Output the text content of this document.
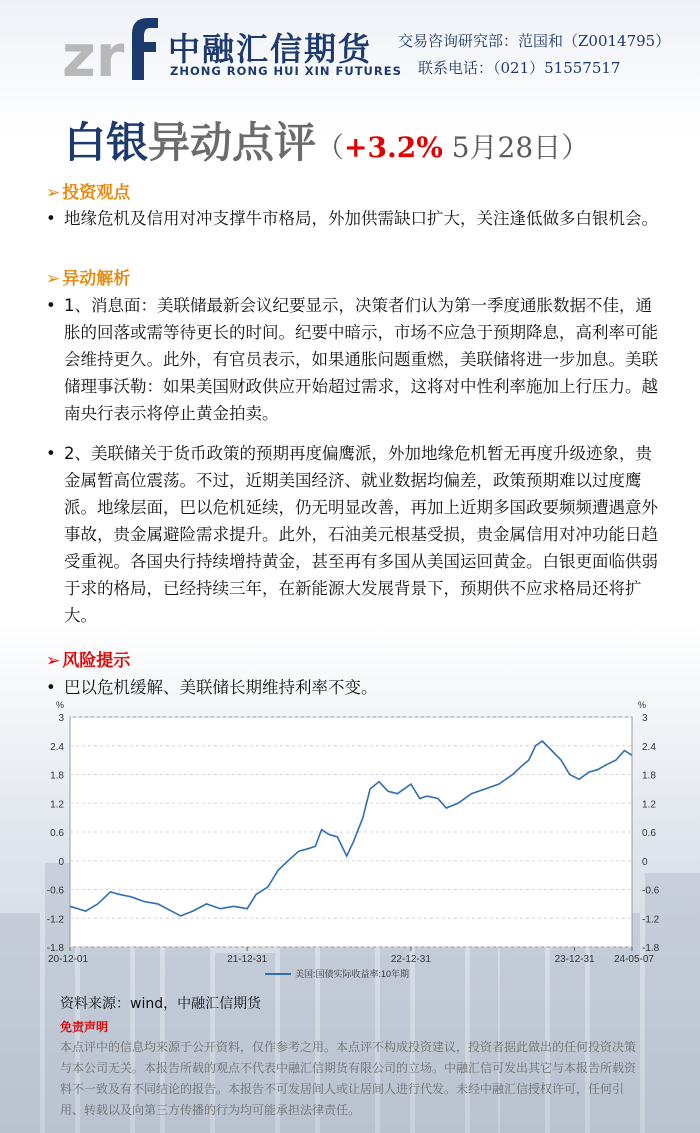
zr 中融汇信期货
ZHONG RONG HUI XIN FUTURES
交易咨询研究部：范国和（Z0014795）
联系电话：（021）51557517
白银异动点评（+3.2% 5月28日）
➢ 投资观点
• 地缘危机及信用对冲支撑牛市格局，外加供需缺口扩大，关注逢低做多白银机会。
➢ 异动解析
• 1、消息面：美联储最新会议纪要显示，决策者们认为第一季度通胀数据不佳，通胀的回落或需等待更长的时间。纪要中暗示，市场不应急于预期降息，高利率可能会维持更久。此外，有官员表示，如果通胀问题重燃，美联储将进一步加息。美联储理事沃勒：如果美国财政供应开始超过需求，这将对中性利率施加上行压力。越南央行表示将停止黄金拍卖。
• 2、美联储关于货币政策的预期再度偏鹰派，外加地缘危机暂无再度升级迹象，贵金属暂高位震荡。不过，近期美国经济、就业数据均偏差，政策预期难以过度鹰派。地缘层面，巴以危机延续，仍无明显改善，再加上近期多国政要频频遭遇意外事故，贵金属避险需求提升。此外，石油美元根基受损，贵金属信用对冲功能日趋受重视。各国央行持续增持黄金，甚至再有多国从美国运回黄金。白银更面临供弱于求的格局，已经持续三年，在新能源大发展背景下，预期供不应求格局还将扩大。
➢ 风险提示
• 巴以危机缓解、美联储长期维持利率不变。
3	3
2.4	2.4
1.8	1.8
1.2	1.2
0.6	0.6
0	0
-0.6	-0.6
-1.2	-1.2
-1.8	-1.8
%	%
20-12-01	21-12-31	22-12-31	23-12-31 24-05-07
美国:国债实际收益率:10年期
资料来源：wind，中融汇信期货
免责声明
本点评中的信息均来源于公开资料，仅作参考之用。本点评不构成投资建议，投资者据此做出的任何投资决策与本公司无关。本报告所载的观点不代表中融汇信期货有限公司的立场。中融汇信可发出其它与本报告所载资料不一致及有不同结论的报告。本报告不可发居间人或让居间人进行代发。未经中融汇信授权许可，任何引用、转载以及向第三方传播的行为均可能承担法律责任。
